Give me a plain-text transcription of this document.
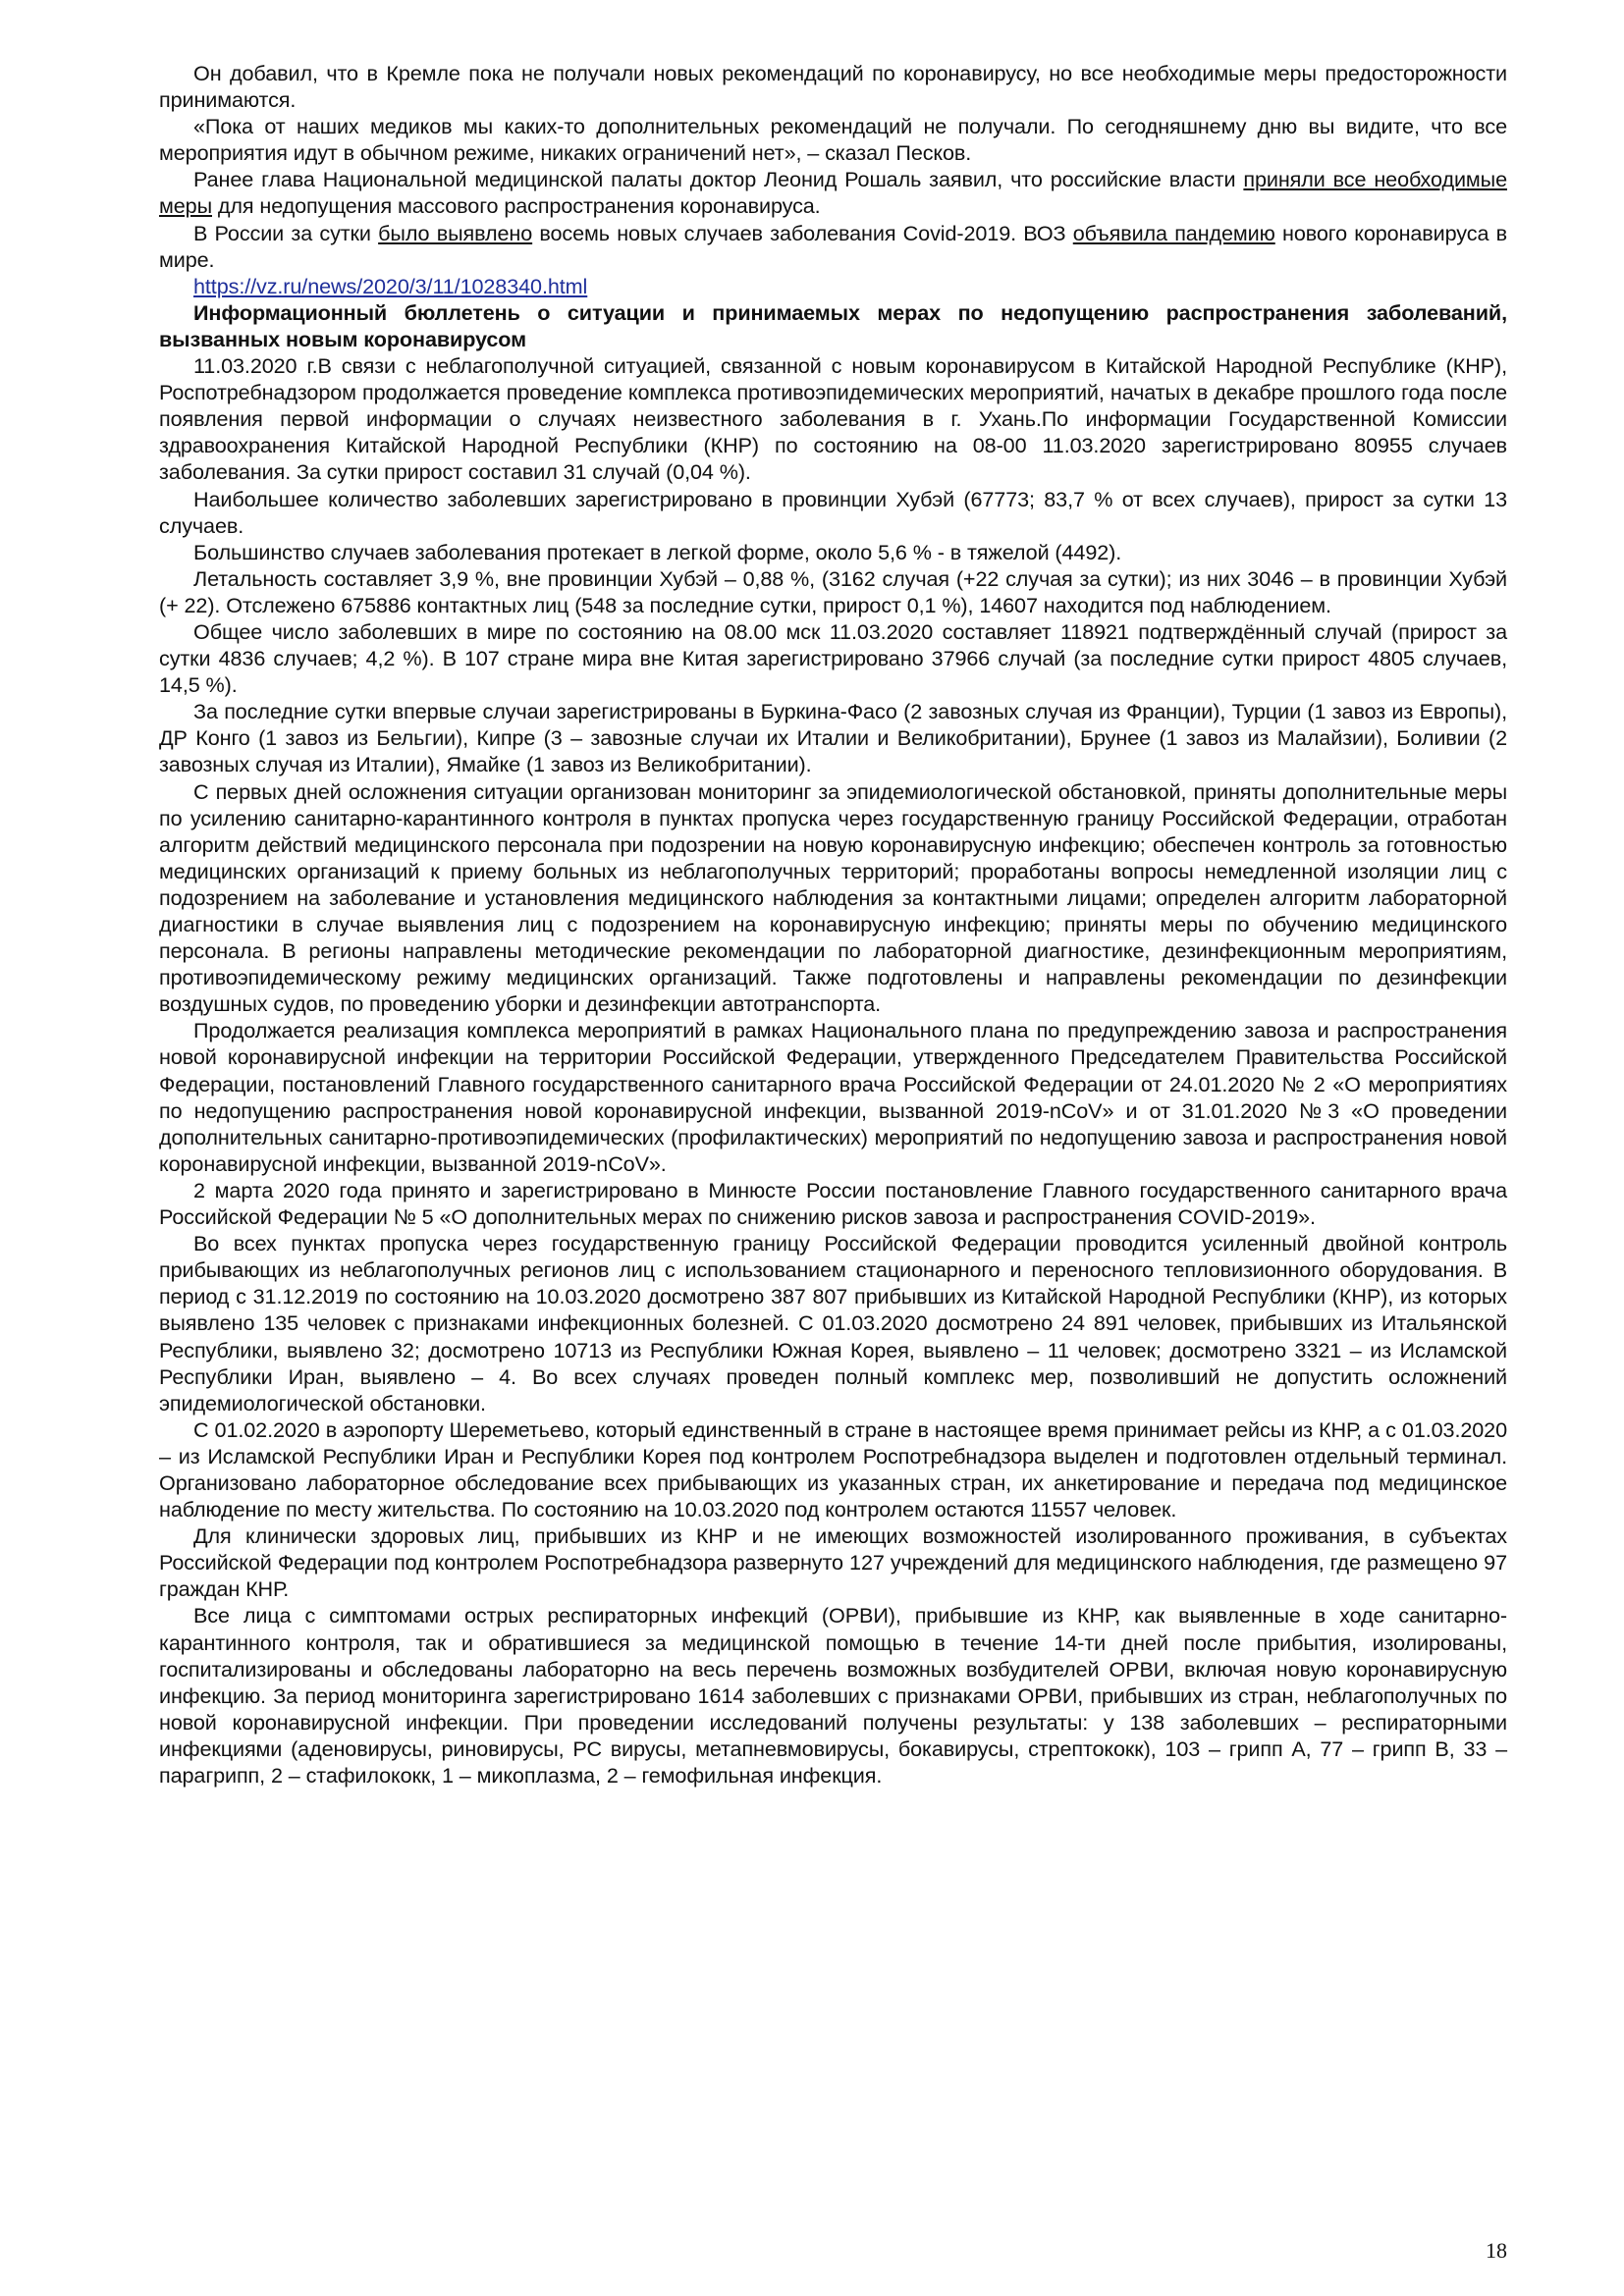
Он добавил, что в Кремле пока не получали новых рекомендаций по коронавирусу, но все необходимые меры предосторожности принимаются.

«Пока от наших медиков мы каких-то дополнительных рекомендаций не получали. По сегодняшнему дню вы видите, что все мероприятия идут в обычном режиме, никаких ограничений нет», – сказал Песков.

Ранее глава Национальной медицинской палаты доктор Леонид Рошаль заявил, что российские власти приняли все необходимые меры для недопущения массового распространения коронавируса.

В России за сутки было выявлено восемь новых случаев заболевания Covid-2019. ВОЗ объявила пандемию нового коронавируса в мире.

https://vz.ru/news/2020/3/11/1028340.html

Информационный бюллетень о ситуации и принимаемых мерах по недопущению распространения заболеваний, вызванных новым коронавирусом

11.03.2020 г.В связи с неблагополучной ситуацией, связанной с новым коронавирусом в Китайской Народной Республике (КНР), Роспотребнадзором продолжается проведение комплекса противоэпидемических мероприятий, начатых в декабре прошлого года после появления первой информации о случаях неизвестного заболевания в г. Ухань.По информации Государственной Комиссии здравоохранения Китайской Народной Республики (КНР) по состоянию на 08-00 11.03.2020 зарегистрировано 80955 случаев заболевания. За сутки прирост составил 31 случай (0,04 %).

Наибольшее количество заболевших зарегистрировано в провинции Хубэй (67773; 83,7 % от всех случаев), прирост за сутки 13 случаев.

Большинство случаев заболевания протекает в легкой форме, около 5,6 % - в тяжелой (4492).

Летальность составляет 3,9 %, вне провинции Хубэй – 0,88 %, (3162 случая (+22 случая за сутки); из них 3046 – в провинции Хубэй (+ 22). Отслежено 675886 контактных лиц (548 за последние сутки, прирост 0,1 %), 14607 находится под наблюдением.

Общее число заболевших в мире по состоянию на 08.00 мск 11.03.2020 составляет 118921 подтверждённый случай (прирост за сутки 4836 случаев; 4,2 %). В 107 стране мира вне Китая зарегистрировано 37966 случай (за последние сутки прирост 4805 случаев, 14,5 %).

За последние сутки впервые случаи зарегистрированы в Буркина-Фасо (2 завозных случая из Франции), Турции (1 завоз из Европы), ДР Конго (1 завоз из Бельгии), Кипре (3 – завозные случаи их Италии и Великобритании), Брунее (1 завоз из Малайзии), Боливии (2 завозных случая из Италии), Ямайке (1 завоз из Великобритании).

С первых дней осложнения ситуации организован мониторинг за эпидемиологической обстановкой, приняты дополнительные меры по усилению санитарно-карантинного контроля в пунктах пропуска через государственную границу Российской Федерации, отработан алгоритм действий медицинского персонала при подозрении на новую коронавирусную инфекцию; обеспечен контроль за готовностью медицинских организаций к приему больных из неблагополучных территорий; проработаны вопросы немедленной изоляции лиц с подозрением на заболевание и установления медицинского наблюдения за контактными лицами; определен алгоритм лабораторной диагностики в случае выявления лиц с подозрением на коронавирусную инфекцию; приняты меры по обучению медицинского персонала. В регионы направлены методические рекомендации по лабораторной диагностике, дезинфекционным мероприятиям, противоэпидемическому режиму медицинских организаций. Также подготовлены и направлены рекомендации по дезинфекции воздушных судов, по проведению уборки и дезинфекции автотранспорта.

Продолжается реализация комплекса мероприятий в рамках Национального плана по предупреждению завоза и распространения новой коронавирусной инфекции на территории Российской Федерации, утвержденного Председателем Правительства Российской Федерации, постановлений Главного государственного санитарного врача Российской Федерации от 24.01.2020 № 2 «О мероприятиях по недопущению распространения новой коронавирусной инфекции, вызванной 2019-nCoV» и от 31.01.2020 №3 «О проведении дополнительных санитарно-противоэпидемических (профилактических) мероприятий по недопущению завоза и распространения новой коронавирусной инфекции, вызванной 2019-nCoV».

2 марта 2020 года принято и зарегистрировано в Минюсте России постановление Главного государственного санитарного врача Российской Федерации № 5 «О дополнительных мерах по снижению рисков завоза и распространения COVID-2019».

Во всех пунктах пропуска через государственную границу Российской Федерации проводится усиленный двойной контроль прибывающих из неблагополучных регионов лиц с использованием стационарного и переносного тепловизионного оборудования. В период с 31.12.2019 по состоянию на 10.03.2020 досмотрено 387 807 прибывших из Китайской Народной Республики (КНР), из которых выявлено 135 человек с признаками инфекционных болезней. С 01.03.2020 досмотрено 24 891 человек, прибывших из Итальянской Республики, выявлено 32; досмотрено 10713 из Республики Южная Корея, выявлено – 11 человек; досмотрено 3321 – из Исламской Республики Иран, выявлено – 4. Во всех случаях проведен полный комплекс мер, позволивший не допустить осложнений эпидемиологической обстановки.

С 01.02.2020 в аэропорту Шереметьево, который единственный в стране в настоящее время принимает рейсы из КНР, а с 01.03.2020 – из Исламской Республики Иран и Республики Корея под контролем Роспотребнадзора выделен и подготовлен отдельный терминал. Организовано лабораторное обследование всех прибывающих из указанных стран, их анкетирование и передача под медицинское наблюдение по месту жительства. По состоянию на 10.03.2020 под контролем остаются 11557 человек.

Для клинически здоровых лиц, прибывших из КНР и не имеющих возможностей изолированного проживания, в субъектах Российской Федерации под контролем Роспотребнадзора развернуто 127 учреждений для медицинского наблюдения, где размещено 97 граждан КНР.

Все лица с симптомами острых респираторных инфекций (ОРВИ), прибывшие из КНР, как выявленные в ходе санитарно-карантинного контроля, так и обратившиеся за медицинской помощью в течение 14-ти дней после прибытия, изолированы, госпитализированы и обследованы лабораторно на весь перечень возможных возбудителей ОРВИ, включая новую коронавирусную инфекцию. За период мониторинга зарегистрировано 1614 заболевших с признаками ОРВИ, прибывших из стран, неблагополучных по новой коронавирусной инфекции. При проведении исследований получены результаты: у 138 заболевших – респираторными инфекциями (аденовирусы, риновирусы, РС вирусы, метапневмовирусы, бокавирусы, стрептококк), 103 – грипп А, 77 – грипп В, 33 – парагрипп, 2 – стафилококк, 1 – микоплазма, 2 – гемофильная инфекция.

18
